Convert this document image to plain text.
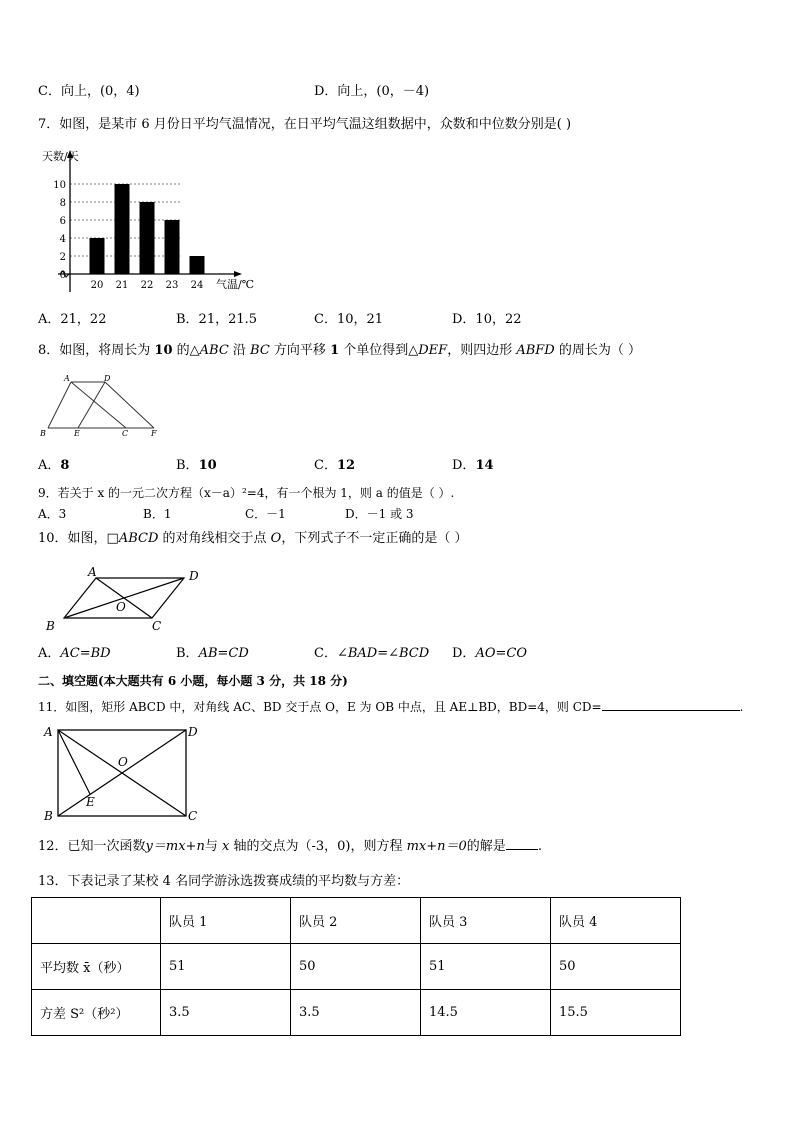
C．向上，(0，4)	D．向上，(0，－4)
7．如图，是某市 6 月份日平均气温情况，在日平均气温这组数据中，众数和中位数分别是( )
0
2
4
6
8
10
20 21 22 23 24
天数/天
气温/℃
A．21，22	B．21，21.5	C．10，21	D．10，22
8．如图，将周长为 10 的△ABC 沿 BC 方向平移 1 个单位得到△DEF，则四边形 ABFD 的周长为（ ）
A	D
B	E	C	F
A．8	B．10	C．12	D．14
9．若关于 x 的一元二次方程（x－a）²=4，有一个根为 1，则 a 的值是（ ）.
A．3	B．1	C．－1	D．－1 或 3
10．如图，□ABCD 的对角线相交于点 O，下列式子不一定正确的是（ ）
A	D
O
B	C
A．AC=BD	B．AB=CD	C．∠BAD=∠BCD D．AO=CO
二、填空题(本大题共有 6 小题，每小题 3 分，共 18 分)
11．如图，矩形 ABCD 中，对角线 AC、BD 交于点 O，E 为 OB 中点，且 AE⊥BD，BD=4，则 CD=	.
A	D
O
B
E
C
12．已知一次函数y＝mx+n与 x 轴的交点为（-3，0)，则方程 mx+n＝0的解是 .
13．下表记录了某校 4 名同学游泳选拨赛成绩的平均数与方差：
	队员 1	队员 2	队员 3	队员 4
平均数 x̄（秒）	51	50	51	50
方差 S²（秒²）	3.5	3.5	14.5	15.5
